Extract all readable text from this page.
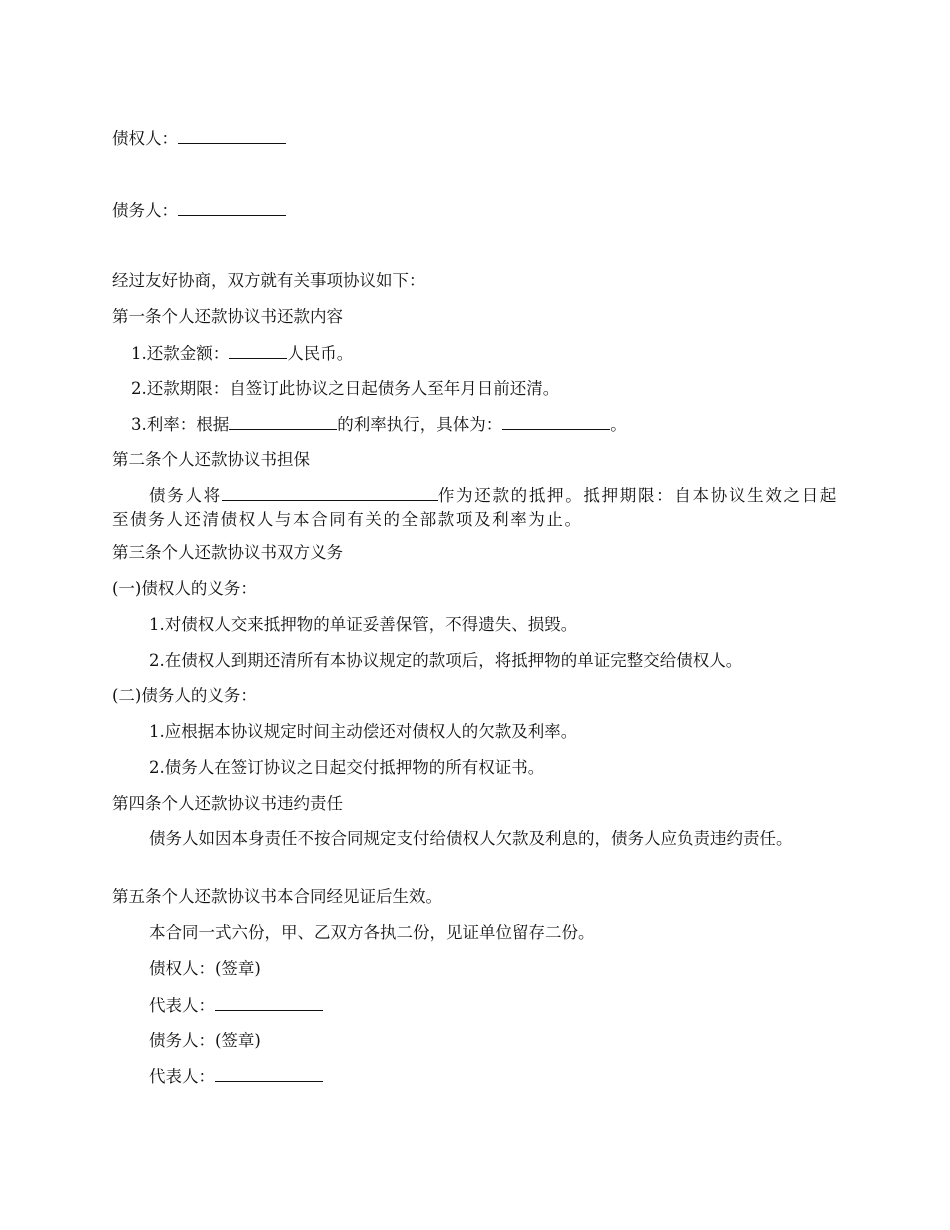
债权人：
债务人：
经过友好协商，双方就有关事项协议如下：
第一条个人还款协议书还款内容
1.还款金额：	人民币。
2.还款期限：自签订此协议之日起债务人至年月日前还清。
3.利率：根据	的利率执行，具体为：	。
第二条个人还款协议书担保
债务人将	作为还款的抵押。抵押期限：自本协议生效之日起至债务人还清债权人与本合同有关的全部款项及利率为止。
第三条个人还款协议书双方义务
(一)债权人的义务：
1.对债权人交来抵押物的单证妥善保管，不得遗失、损毁。
2.在债权人到期还清所有本协议规定的款项后，将抵押物的单证完整交给债权人。
(二)债务人的义务：
1.应根据本协议规定时间主动偿还对债权人的欠款及利率。
2.债务人在签订协议之日起交付抵押物的所有权证书。
第四条个人还款协议书违约责任
债务人如因本身责任不按合同规定支付给债权人欠款及利息的，债务人应负责违约责任。
第五条个人还款协议书本合同经见证后生效。
本合同一式六份，甲、乙双方各执二份，见证单位留存二份。
债权人：(签章)
代表人：
债务人：(签章)
代表人：
